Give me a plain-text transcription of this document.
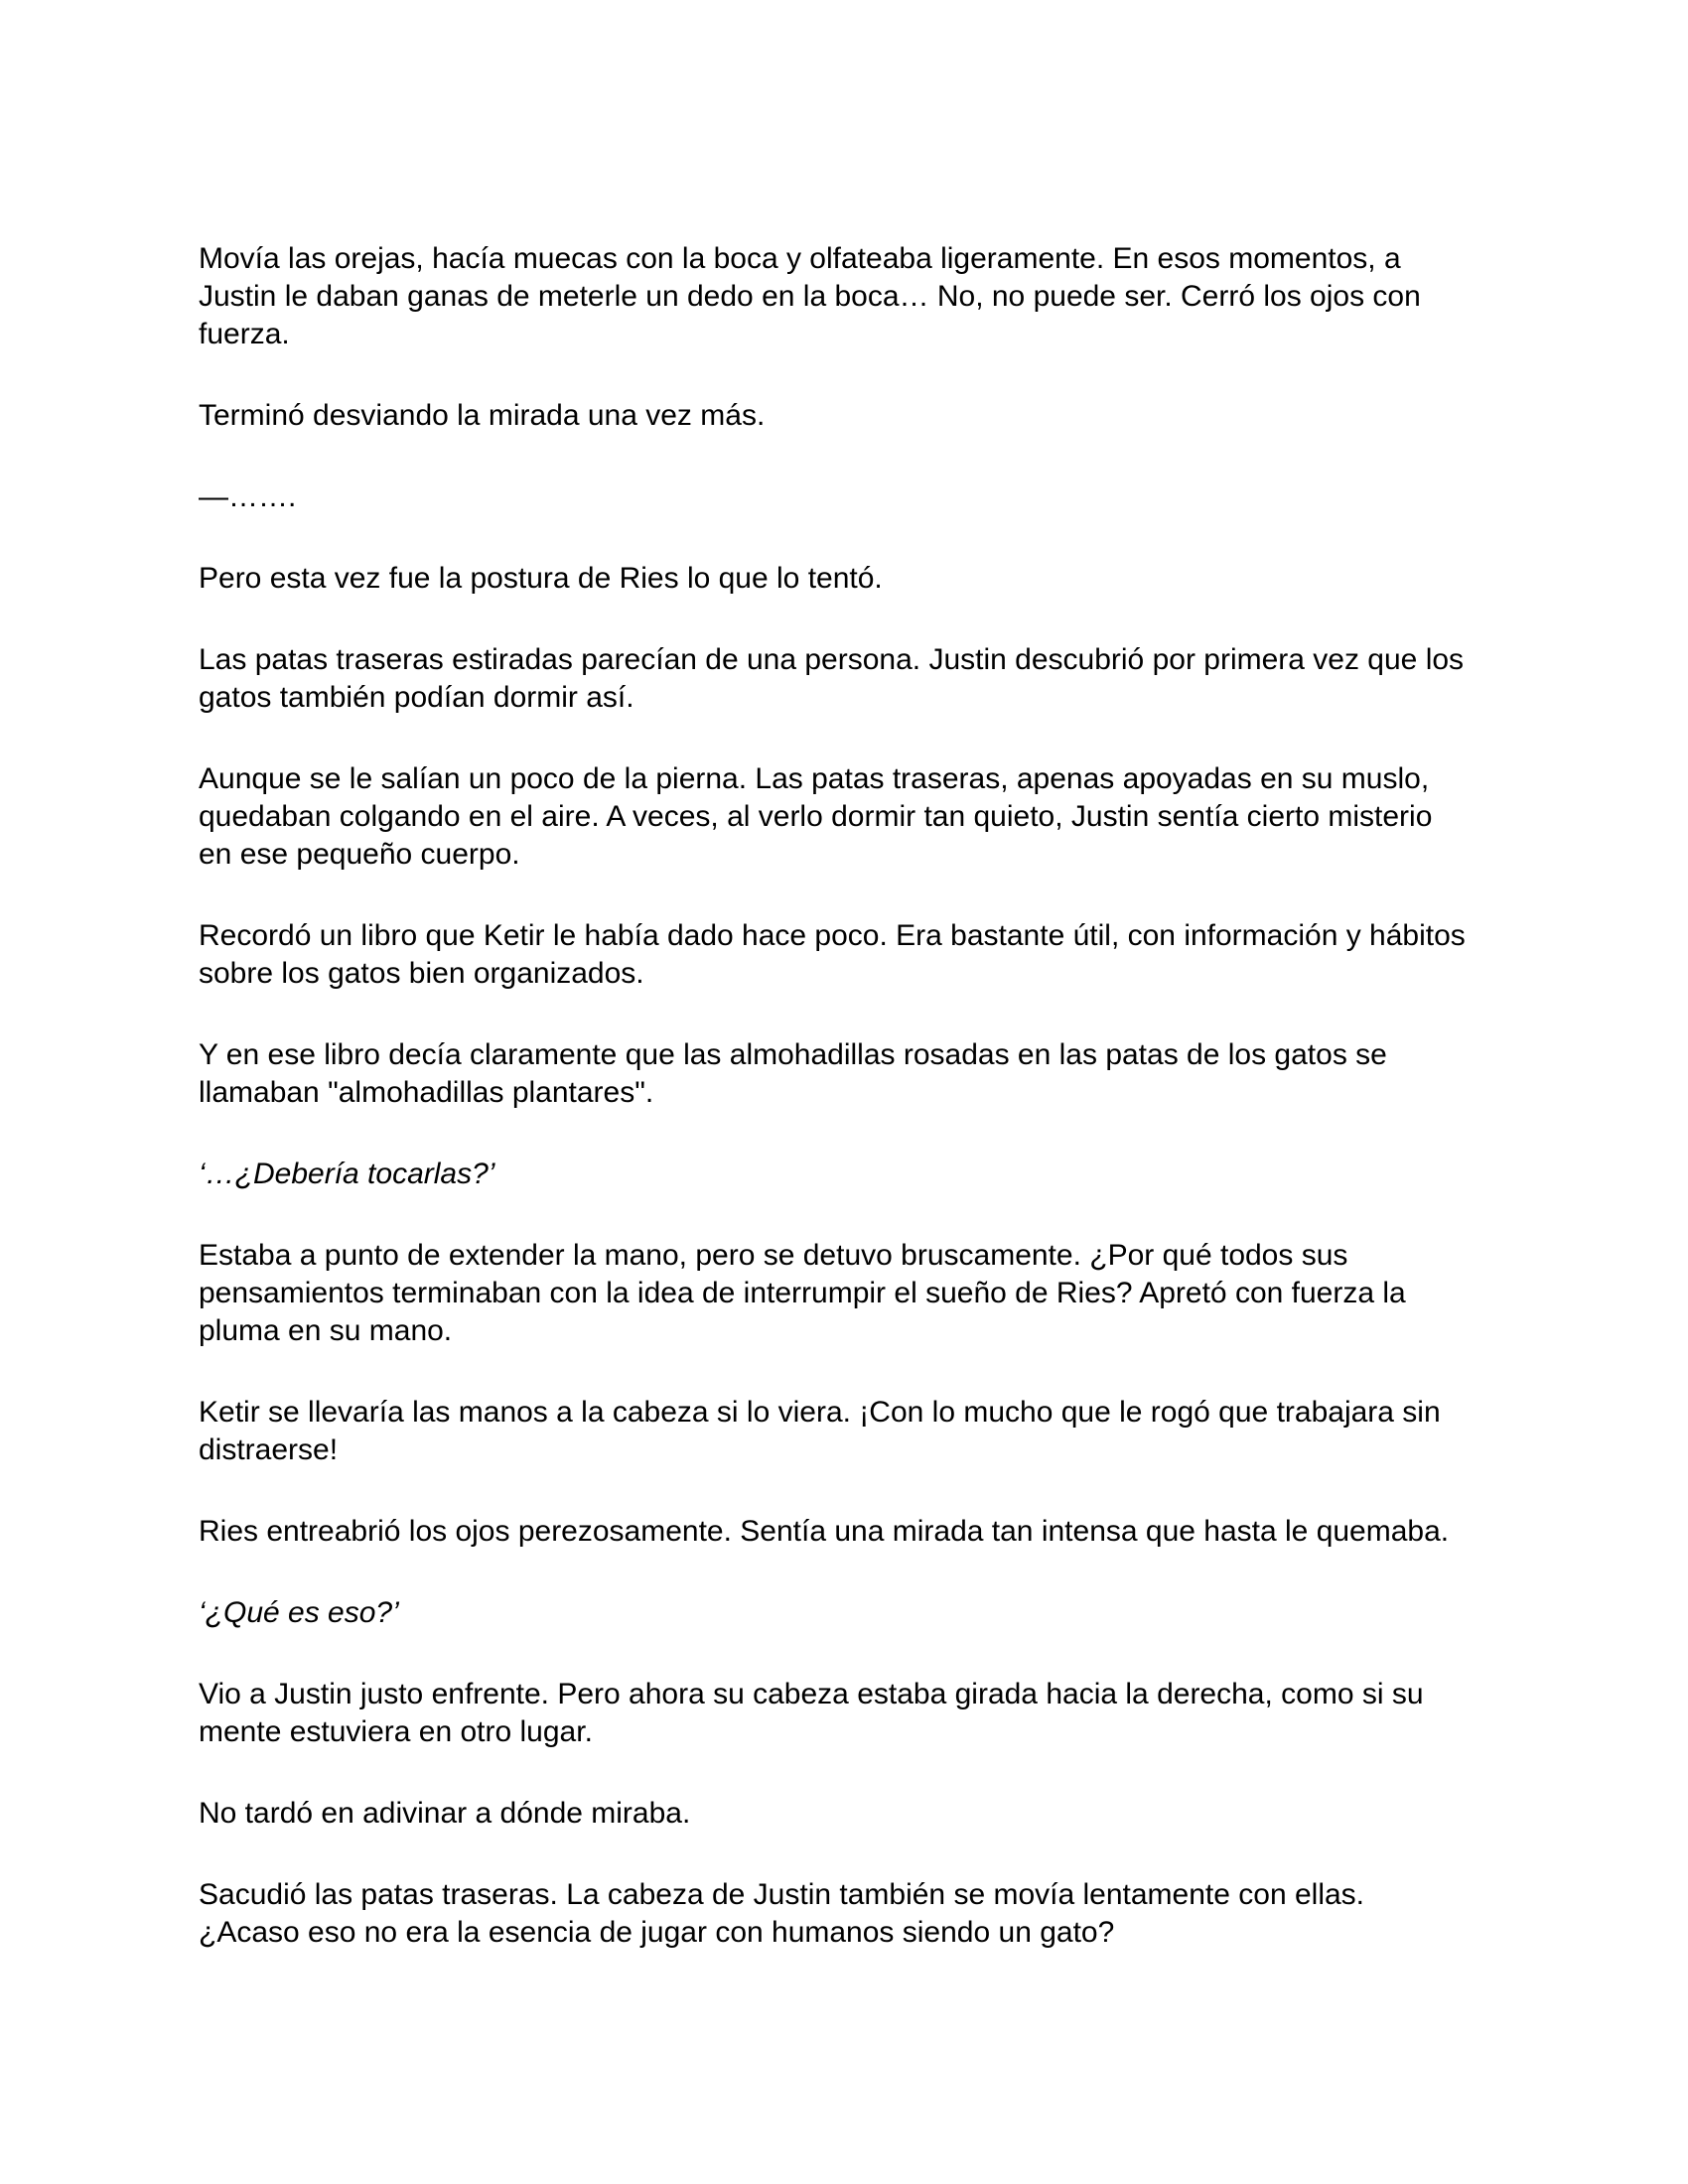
Movía las orejas, hacía muecas con la boca y olfateaba ligeramente. En esos momentos, a
Justin le daban ganas de meterle un dedo en la boca… No, no puede ser. Cerró los ojos con
fuerza.

Terminó desviando la mirada una vez más.

—…….

Pero esta vez fue la postura de Ries lo que lo tentó.

Las patas traseras estiradas parecían de una persona. Justin descubrió por primera vez que los
gatos también podían dormir así.

Aunque se le salían un poco de la pierna. Las patas traseras, apenas apoyadas en su muslo,
quedaban colgando en el aire. A veces, al verlo dormir tan quieto, Justin sentía cierto misterio
en ese pequeño cuerpo.

Recordó un libro que Ketir le había dado hace poco. Era bastante útil, con información y hábitos
sobre los gatos bien organizados.

Y en ese libro decía claramente que las almohadillas rosadas en las patas de los gatos se
llamaban "almohadillas plantares".

‘…¿Debería tocarlas?’

Estaba a punto de extender la mano, pero se detuvo bruscamente. ¿Por qué todos sus
pensamientos terminaban con la idea de interrumpir el sueño de Ries? Apretó con fuerza la
pluma en su mano.

Ketir se llevaría las manos a la cabeza si lo viera. ¡Con lo mucho que le rogó que trabajara sin
distraerse!

Ries entreabrió los ojos perezosamente. Sentía una mirada tan intensa que hasta le quemaba.

‘¿Qué es eso?’

Vio a Justin justo enfrente. Pero ahora su cabeza estaba girada hacia la derecha, como si su
mente estuviera en otro lugar.

No tardó en adivinar a dónde miraba.

Sacudió las patas traseras. La cabeza de Justin también se movía lentamente con ellas.
¿Acaso eso no era la esencia de jugar con humanos siendo un gato?
